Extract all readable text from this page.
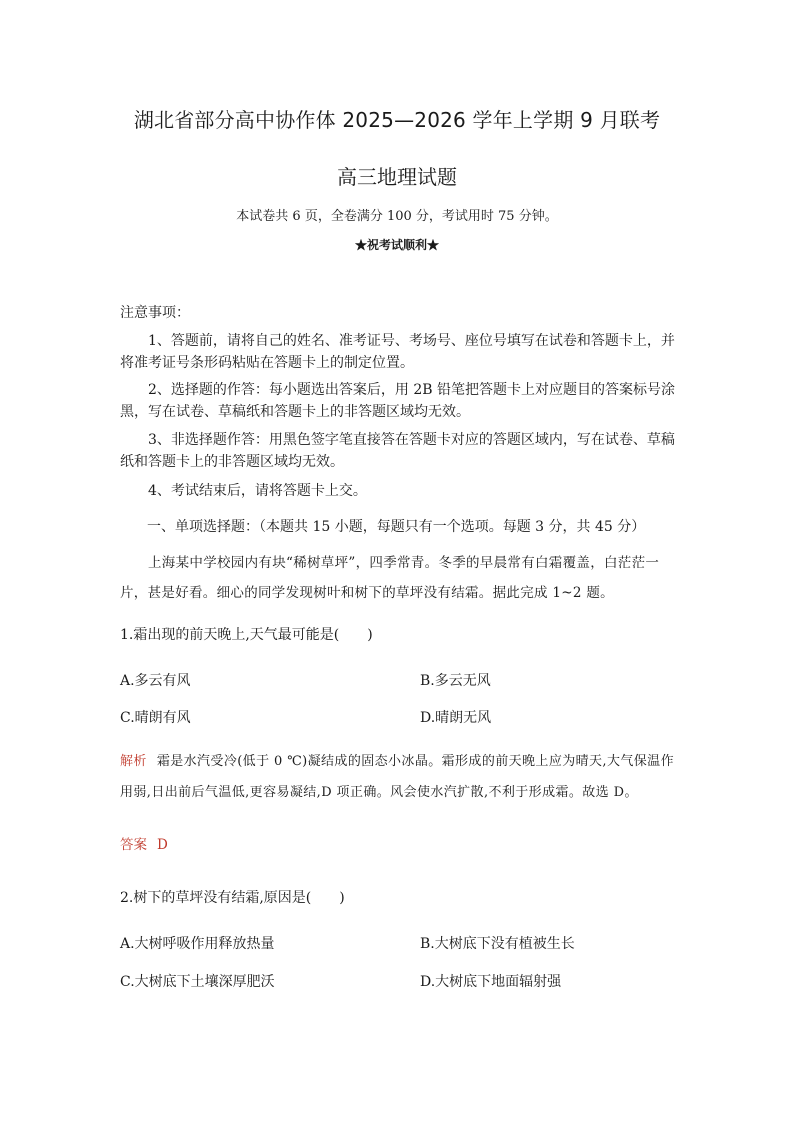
湖北省部分高中协作体 2025—2026 学年上学期 9 月联考
高三地理试题
本试卷共 6 页，全卷满分 100 分，考试用时 75 分钟。
★祝考试顺利★
注意事项：
1、答题前，请将自己的姓名、准考证号、考场号、座位号填写在试卷和答题卡上，并将准考证号条形码粘贴在答题卡上的制定位置。
2、选择题的作答：每小题选出答案后，用 2B 铅笔把答题卡上对应题目的答案标号涂黑，写在试卷、草稿纸和答题卡上的非答题区域均无效。
3、非选择题作答：用黑色签字笔直接答在答题卡对应的答题区域内，写在试卷、草稿纸和答题卡上的非答题区域均无效。
4、考试结束后，请将答题卡上交。
一、单项选择题：（本题共 15 小题，每题只有一个选项。每题 3 分，共 45 分）
上海某中学校园内有块“稀树草坪”，四季常青。冬季的早晨常有白霜覆盖，白茫茫一片，甚是好看。细心的同学发现树叶和树下的草坪没有结霜。据此完成 1~2 题。
1.霜出现的前天晚上,天气最可能是(　　)
A.多云有风	B.多云无风
C.晴朗有风	D.晴朗无风
解析 霜是水汽受冷(低于 0 ℃)凝结成的固态小冰晶。霜形成的前天晚上应为晴天,大气保温作用弱,日出前后气温低,更容易凝结,D 项正确。风会使水汽扩散,不利于形成霜。故选 D。
答案 D
2.树下的草坪没有结霜,原因是(　　)
A.大树呼吸作用释放热量	B.大树底下没有植被生长
C.大树底下土壤深厚肥沃	D.大树底下地面辐射强
